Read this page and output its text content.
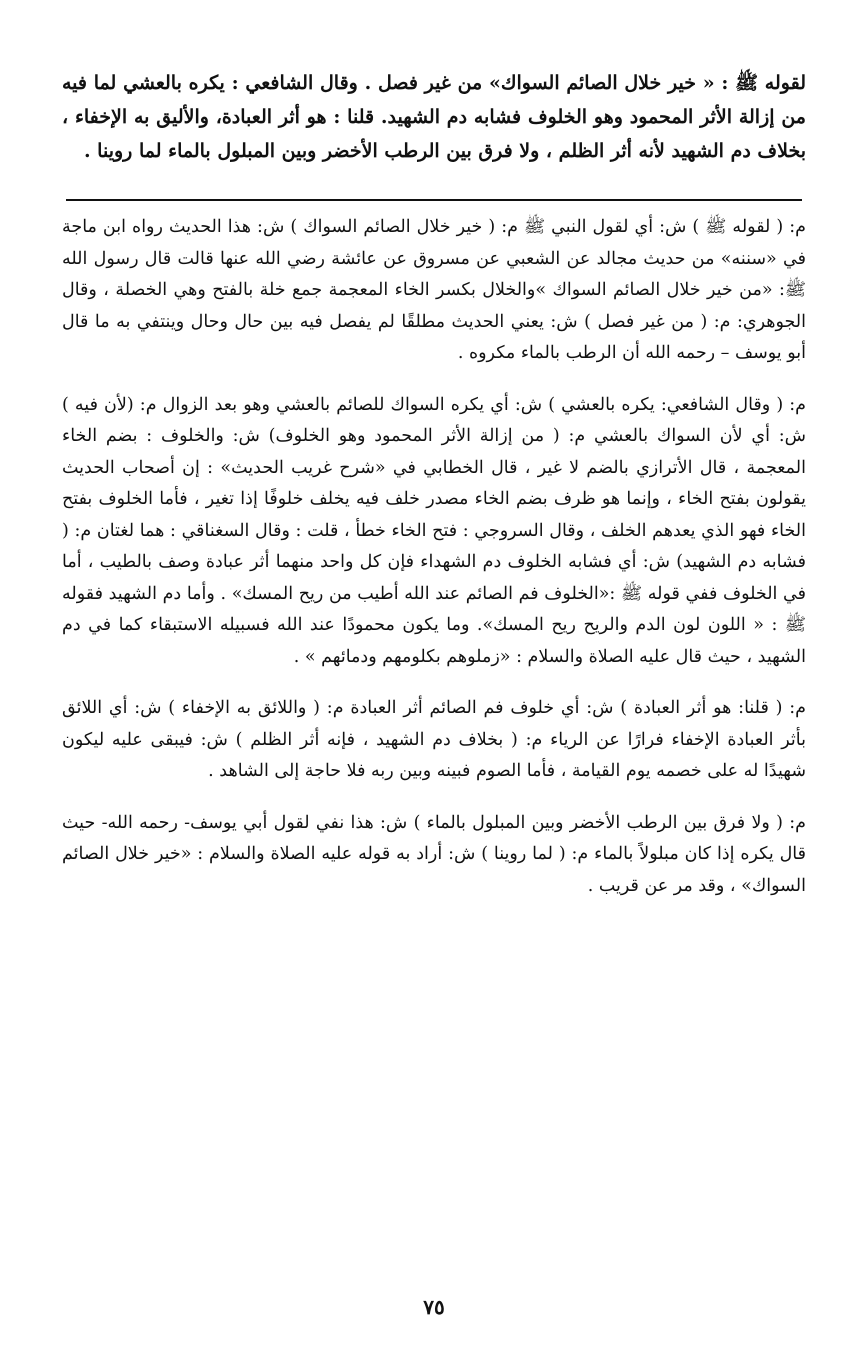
لقوله ﷺ : « خير خلال الصائم السواك» من غير فصل . وقال الشافعي : يكره بالعشي لما فيه من إزالة الأثر المحمود وهو الخلوف فشابه دم الشهيد. قلنا : هو أثر العبادة، والأليق به الإخفاء ، بخلاف دم الشهيد لأنه أثر الظلم ، ولا فرق بين الرطب الأخضر وبين المبلول بالماء لما روينا .

م: ( لقوله ﷺ ) ش: أي لقول النبي ﷺ م: ( خير خلال الصائم السواك ) ش: هذا الحديث رواه ابن ماجة في «سننه» من حديث مجالد عن الشعبي عن مسروق عن عائشة رضي الله عنها قالت قال رسول الله ﷺ: «من خير خلال الصائم السواك »والخلال بكسر الخاء المعجمة جمع خلة بالفتح وهي الخصلة ، وقال الجوهري: م: ( من غير فصل ) ش: يعني الحديث مطلقًا لم يفصل فيه بين حال وحال وينتفي به ما قال أبو يوسف – رحمه الله أن الرطب بالماء مكروه .

م: ( وقال الشافعي: يكره بالعشي ) ش: أي يكره السواك للصائم بالعشي وهو بعد الزوال م: (لأن فيه ) ش: أي لأن السواك بالعشي م: ( من إزالة الأثر المحمود وهو الخلوف) ش: والخلوف : بضم الخاء المعجمة ، قال الأترازي بالضم لا غير ، قال الخطابي في «شرح غريب الحديث» : إن أصحاب الحديث يقولون بفتح الخاء ، وإنما هو ظرف بضم الخاء مصدر خلف فيه يخلف خلوفًا إذا تغير ، فأما الخلوف بفتح الخاء فهو الذي يعدهم الخلف ، وقال السروجي : فتح الخاء خطأ ، قلت : وقال السغناقي : هما لغتان م: ( فشابه دم الشهيد) ش: أي فشابه الخلوف دم الشهداء فإن كل واحد منهما أثر عبادة وصف بالطيب ، أما في الخلوف ففي قوله ﷺ :«الخلوف فم الصائم عند الله أطيب من ريح المسك» . وأما دم الشهيد فقوله ﷺ : « اللون لون الدم والريح ريح المسك». وما يكون محمودًا عند الله فسبيله الاستبقاء كما في دم الشهيد ، حيث قال عليه الصلاة والسلام : «زملوهم بكلومهم ودمائهم » .

م: ( قلنا: هو أثر العبادة ) ش: أي خلوف فم الصائم أثر العبادة م: ( واللائق به الإخفاء ) ش: أي اللائق بأثر العبادة الإخفاء فرارًا عن الرياء م: ( بخلاف دم الشهيد ، فإنه أثر الظلم ) ش: فيبقى عليه ليكون شهيدًا له على خصمه يوم القيامة ، فأما الصوم فبينه وبين ربه فلا حاجة إلى الشاهد .

م: ( ولا فرق بين الرطب الأخضر وبين المبلول بالماء ) ش: هذا نفي لقول أبي يوسف- رحمه الله- حيث قال يكره إذا كان مبلولاً بالماء م: ( لما روينا ) ش: أراد به قوله عليه الصلاة والسلام : «خير خلال الصائم السواك» ، وقد مر عن قريب .

٧٥
